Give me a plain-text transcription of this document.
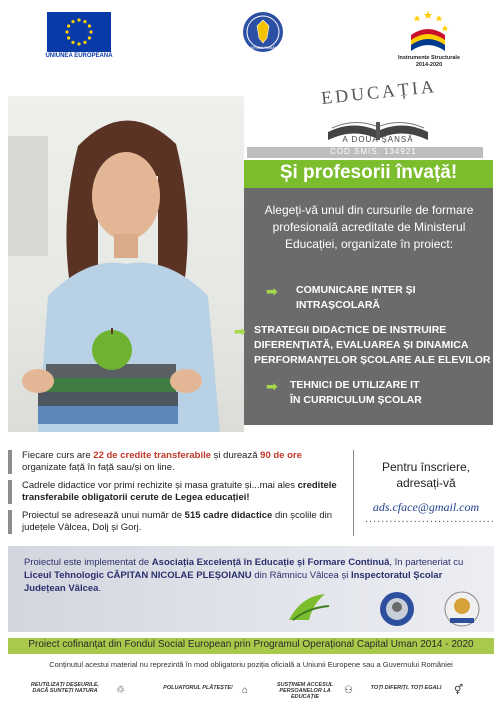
UNIUNEA EUROPEANĂ
GUVERNUL ROMÂNIEI
Instrumente Structurale
2014-2020
EDUCAȚIA
A DOUA ȘANSĂ
COD SMIS: 134921
Și profesorii învață!
Alegeți-vă unul din cursurile de formare profesională acreditate de Ministerul Educației, organizate în proiect:
➡ COMUNICARE INTER ȘI
INTRAȘCOLARĂ
➡ STRATEGII DIDACTICE DE INSTRUIRE
DIFERENȚIATĂ, EVALUAREA ȘI DINAMICA
PERFORMANȚELOR ȘCOLARE ALE ELEVILOR
➡ TEHNICI DE UTILIZARE IT
ÎN CURRICULUM ȘCOLAR
Fiecare curs are 22 de credite transferabile și durează 90 de ore organizate față în față sau/și on line.
Cadrele didactice vor primi rechizite și masa gratuite și...mai ales creditele transferabile obligatorii cerute de Legea educației!
Proiectul se adresează unui număr de 515 cadre didactice din școlile din județele Vâlcea, Dolj și Gorj.
Pentru înscriere,
adresați-vă
ads.cface@gmail.com
................................
Proiectul este implementat de Asociația Excelență în Educație și Formare Continuă, în parteneriat cu Liceul Tehnologic CĂPITAN NICOLAE PLEȘOIANU din Râmnicu Vâlcea și Inspectoratul Școlar Județean Vâlcea.
Proiect cofinanțat din Fondul Social European prin Programul Operațional Capital Uman 2014 - 2020
Conținutul acestui material nu reprezintă în mod obligatoriu poziția oficială a Uniunii Europene sau a Guvernului României
REUTILIZAȚI DEȘEURILE,
DACĂ SUNTEȚI NATURA ♲	POLUATORUL PLĂTEȘTE! ⌂	SUSȚINEM ACCESUL
PERSOANELOR LA EDUCAȚIE
⚇	TOȚI DIFERIȚI, TOȚI EGALI	⚥
